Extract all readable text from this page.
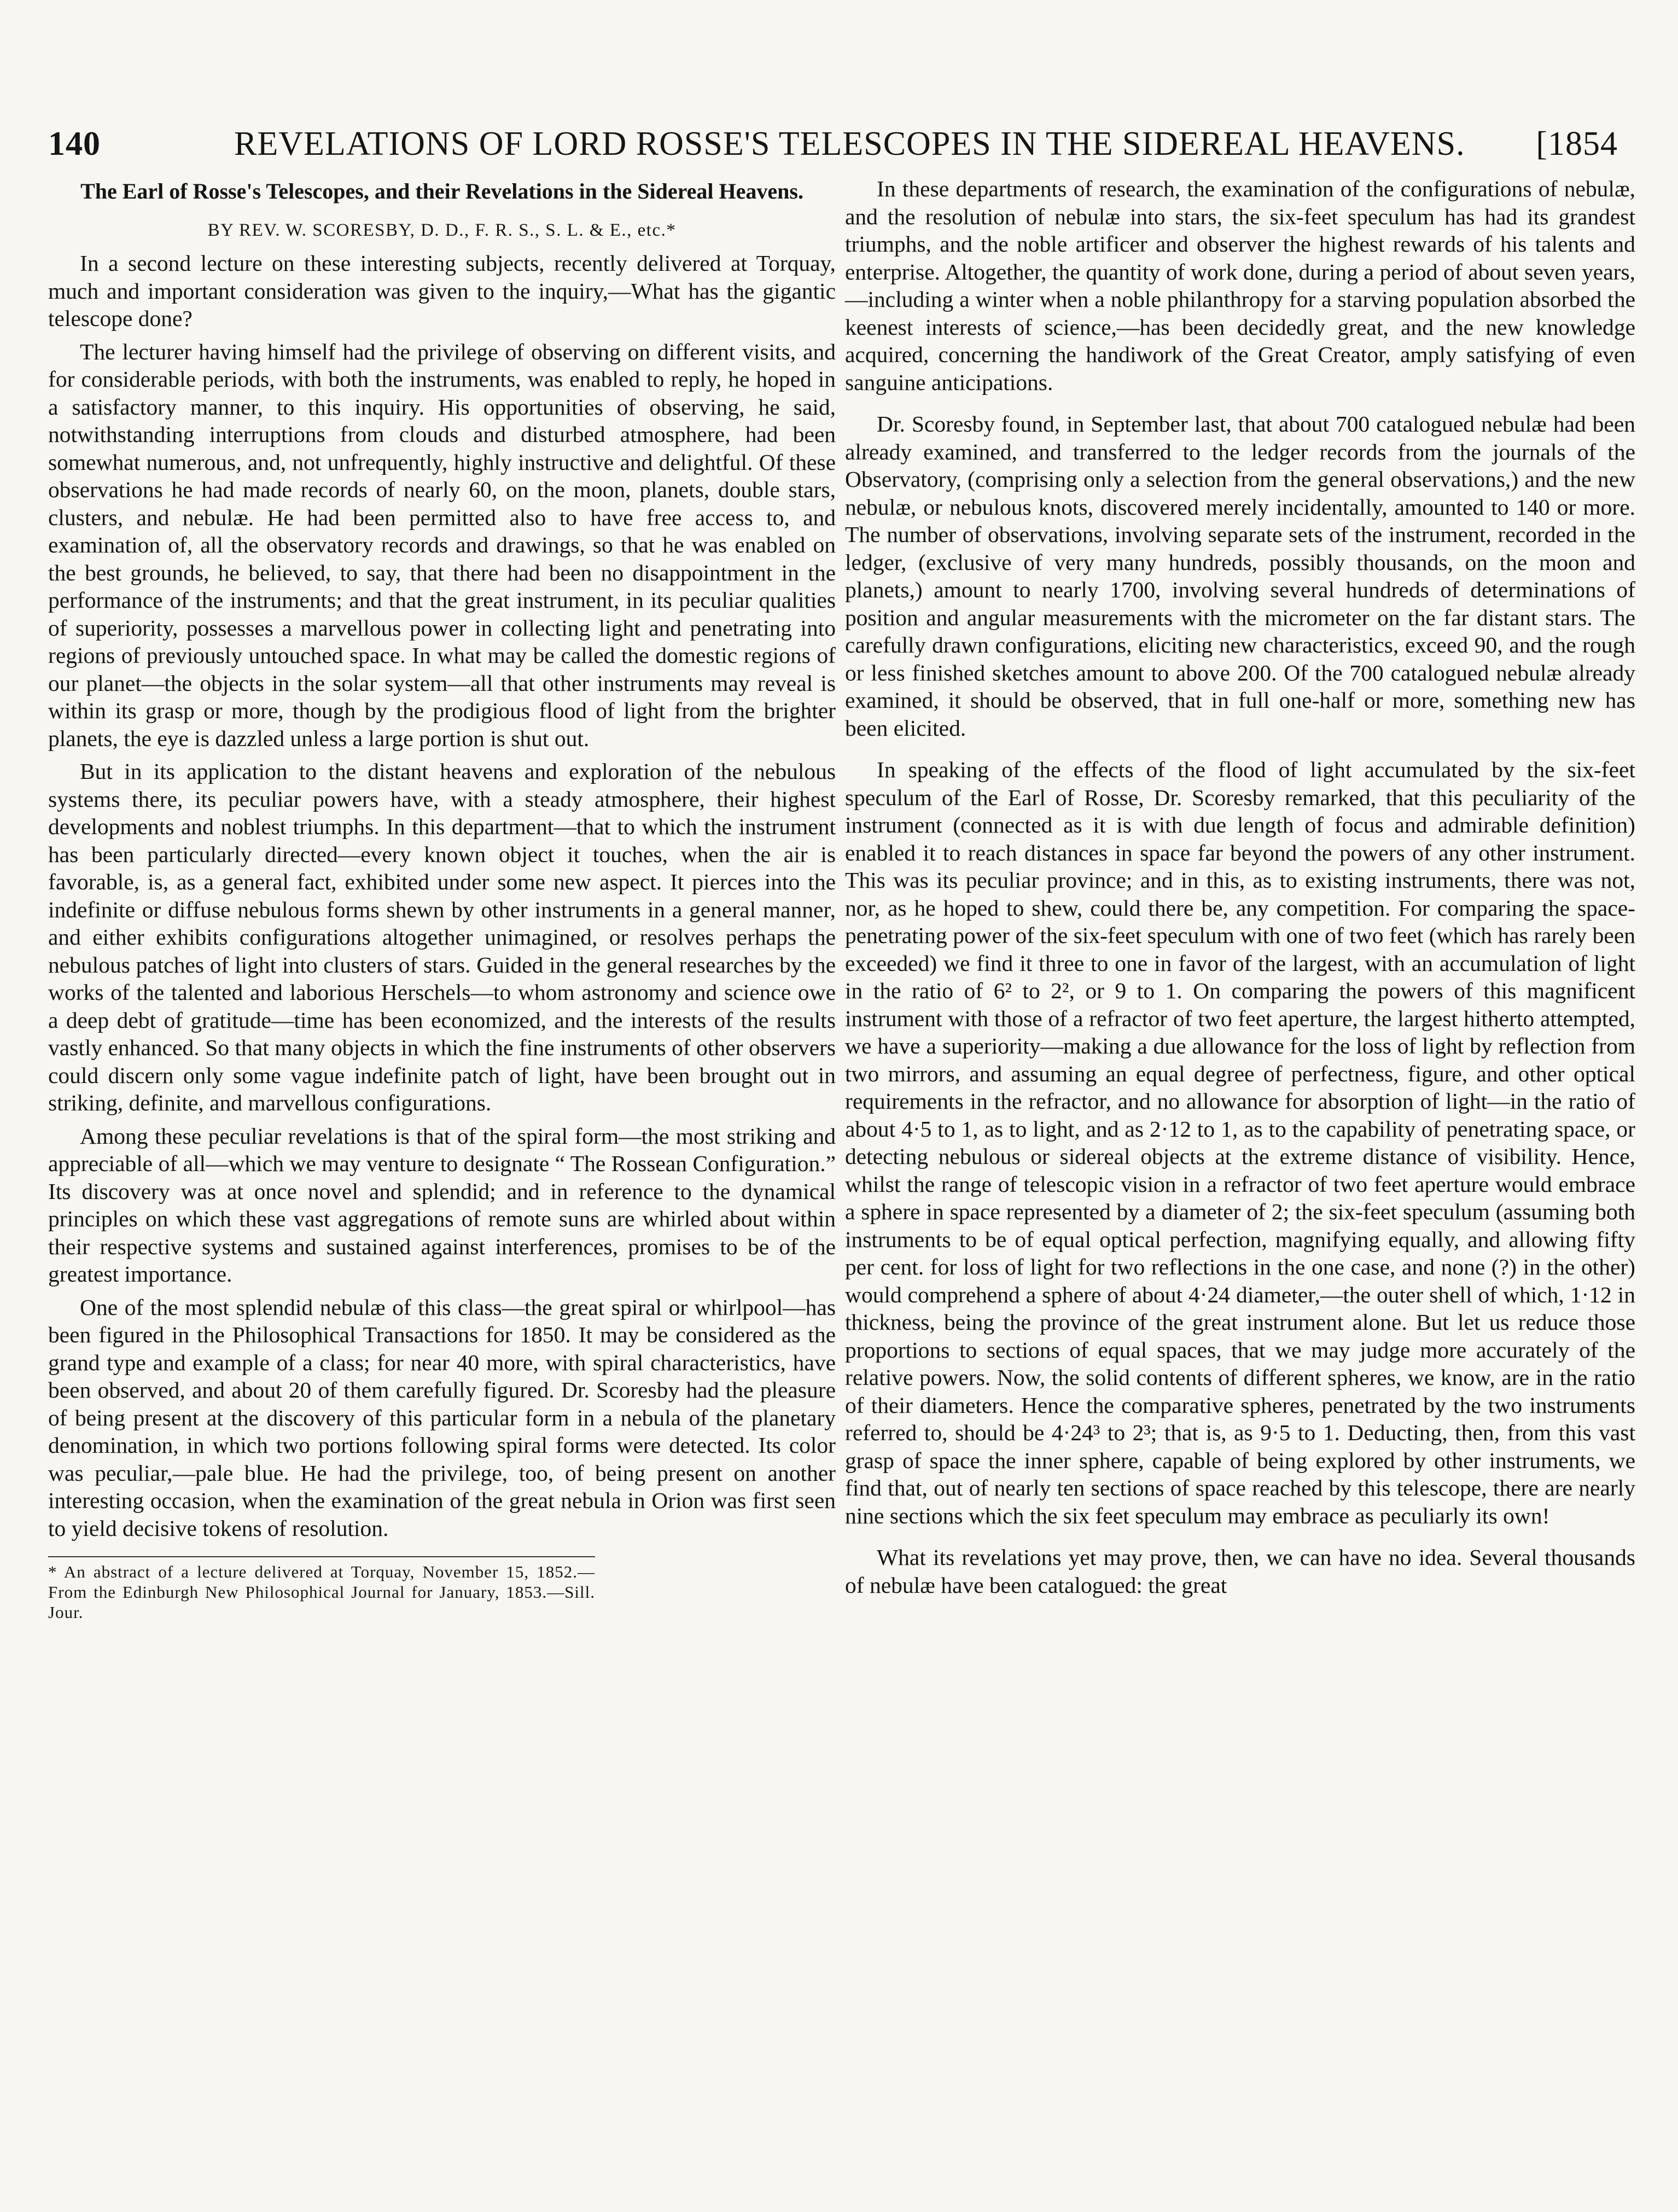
140	REVELATIONS OF LORD ROSSE'S TELESCOPES IN THE SIDEREAL HEAVENS. [1854
The Earl of Rosse's Telescopes, and their Revelations in the Sidereal Heavens.
BY REV. W. SCORESBY, D. D., F. R. S., S. L. & E., etc.*

In a second lecture on these interesting subjects, recently delivered at Torquay, much and important consideration was given to the inquiry,—What has the gigantic telescope done?

The lecturer having himself had the privilege of observing on different visits, and for considerable periods, with both the instruments, was enabled to reply, he hoped in a satisfactory manner, to this inquiry. His opportunities of observing, he said, notwithstanding interruptions from clouds and disturbed atmosphere, had been somewhat numerous, and, not unfrequently, highly instructive and delightful. Of these observations he had made records of nearly 60, on the moon, planets, double stars, clusters, and nebulæ. He had been permitted also to have free access to, and examination of, all the observatory records and drawings, so that he was enabled on the best grounds, he believed, to say, that there had been no disappointment in the performance of the instruments; and that the great instrument, in its peculiar qualities of superiority, possesses a marvellous power in collecting light and penetrating into regions of previously untouched space. In what may be called the domestic regions of our planet—the objects in the solar system—all that other instruments may reveal is within its grasp or more, though by the prodigious flood of light from the brighter planets, the eye is dazzled unless a large portion is shut out.

But in its application to the distant heavens and exploration of the nebulous systems there, its peculiar powers have, with a steady atmosphere, their highest developments and noblest triumphs. In this department—that to which the instrument has been particularly directed—every known object it touches, when the air is favorable, is, as a general fact, exhibited under some new aspect. It pierces into the indefinite or diffuse nebulous forms shewn by other instruments in a general manner, and either exhibits configurations altogether unimagined, or resolves perhaps the nebulous patches of light into clusters of stars. Guided in the general researches by the works of the talented and laborious Herschels—to whom astronomy and science owe a deep debt of gratitude—time has been economized, and the interests of the results vastly enhanced. So that many objects in which the fine instruments of other observers could discern only some vague indefinite patch of light, have been brought out in striking, definite, and marvellous configurations.

Among these peculiar revelations is that of the spiral form—the most striking and appreciable of all—which we may venture to designate “ The Rossean Configuration.” Its discovery was at once novel and splendid; and in reference to the dynamical principles on which these vast aggregations of remote suns are whirled about within their respective systems and sustained against interferences, promises to be of the greatest importance.

One of the most splendid nebulæ of this class—the great spiral or whirlpool—has been figured in the Philosophical Transactions for 1850. It may be considered as the grand type and example of a class; for near 40 more, with spiral characteristics, have been observed, and about 20 of them carefully figured. Dr. Scoresby had the pleasure of being present at the discovery of this particular form in a nebula of the planetary denomination, in which two portions following spiral forms were detected. Its color was peculiar,—pale blue. He had the privilege, too, of being present on another interesting occasion, when the examination of the great nebula in Orion was first seen to yield decisive tokens of resolution.

* An abstract of a lecture delivered at Torquay, November 15, 1852.—From the Edinburgh New Philosophical Journal for January, 1853.—Sill. Jour.

In these departments of research, the examination of the configurations of nebulæ, and the resolution of nebulæ into stars, the six-feet speculum has had its grandest triumphs, and the noble artificer and observer the highest rewards of his talents and enterprise. Altogether, the quantity of work done, during a period of about seven years,—including a winter when a noble philanthropy for a starving population absorbed the keenest interests of science,—has been decidedly great, and the new knowledge acquired, concerning the handiwork of the Great Creator, amply satisfying of even sanguine anticipations.

Dr. Scoresby found, in September last, that about 700 catalogued nebulæ had been already examined, and transferred to the ledger records from the journals of the Observatory, (comprising only a selection from the general observations,) and the new nebulæ, or nebulous knots, discovered merely incidentally, amounted to 140 or more. The number of observations, involving separate sets of the instrument, recorded in the ledger, (exclusive of very many hundreds, possibly thousands, on the moon and planets,) amount to nearly 1700, involving several hundreds of determinations of position and angular measurements with the micrometer on the far distant stars. The carefully drawn configurations, eliciting new characteristics, exceed 90, and the rough or less finished sketches amount to above 200. Of the 700 catalogued nebulæ already examined, it should be observed, that in full one-half or more, something new has been elicited.

In speaking of the effects of the flood of light accumulated by the six-feet speculum of the Earl of Rosse, Dr. Scoresby remarked, that this peculiarity of the instrument (connected as it is with due length of focus and admirable definition) enabled it to reach distances in space far beyond the powers of any other instrument. This was its peculiar province; and in this, as to existing instruments, there was not, nor, as he hoped to shew, could there be, any competition. For comparing the space-penetrating power of the six-feet speculum with one of two feet (which has rarely been exceeded) we find it three to one in favor of the largest, with an accumulation of light in the ratio of 6² to 2², or 9 to 1. On comparing the powers of this magnificent instrument with those of a refractor of two feet aperture, the largest hitherto attempted, we have a superiority—making a due allowance for the loss of light by reflection from two mirrors, and assuming an equal degree of perfectness, figure, and other optical requirements in the refractor, and no allowance for absorption of light—in the ratio of about 4·5 to 1, as to light, and as 2·12 to 1, as to the capability of penetrating space, or detecting nebulous or sidereal objects at the extreme distance of visibility. Hence, whilst the range of telescopic vision in a refractor of two feet aperture would embrace a sphere in space represented by a diameter of 2; the six-feet speculum (assuming both instruments to be of equal optical perfection, magnifying equally, and allowing fifty per cent. for loss of light for two reflections in the one case, and none (?) in the other) would comprehend a sphere of about 4·24 diameter,—the outer shell of which, 1·12 in thickness, being the province of the great instrument alone. But let us reduce those proportions to sections of equal spaces, that we may judge more accurately of the relative powers. Now, the solid contents of different spheres, we know, are in the ratio of their diameters. Hence the comparative spheres, penetrated by the two instruments referred to, should be 4·24³ to 2³; that is, as 9·5 to 1. Deducting, then, from this vast grasp of space the inner sphere, capable of being explored by other instruments, we find that, out of nearly ten sections of space reached by this telescope, there are nearly nine sections which the six feet speculum may embrace as peculiarly its own!

What its revelations yet may prove, then, we can have no idea. Several thousands of nebulæ have been catalogued: the great
